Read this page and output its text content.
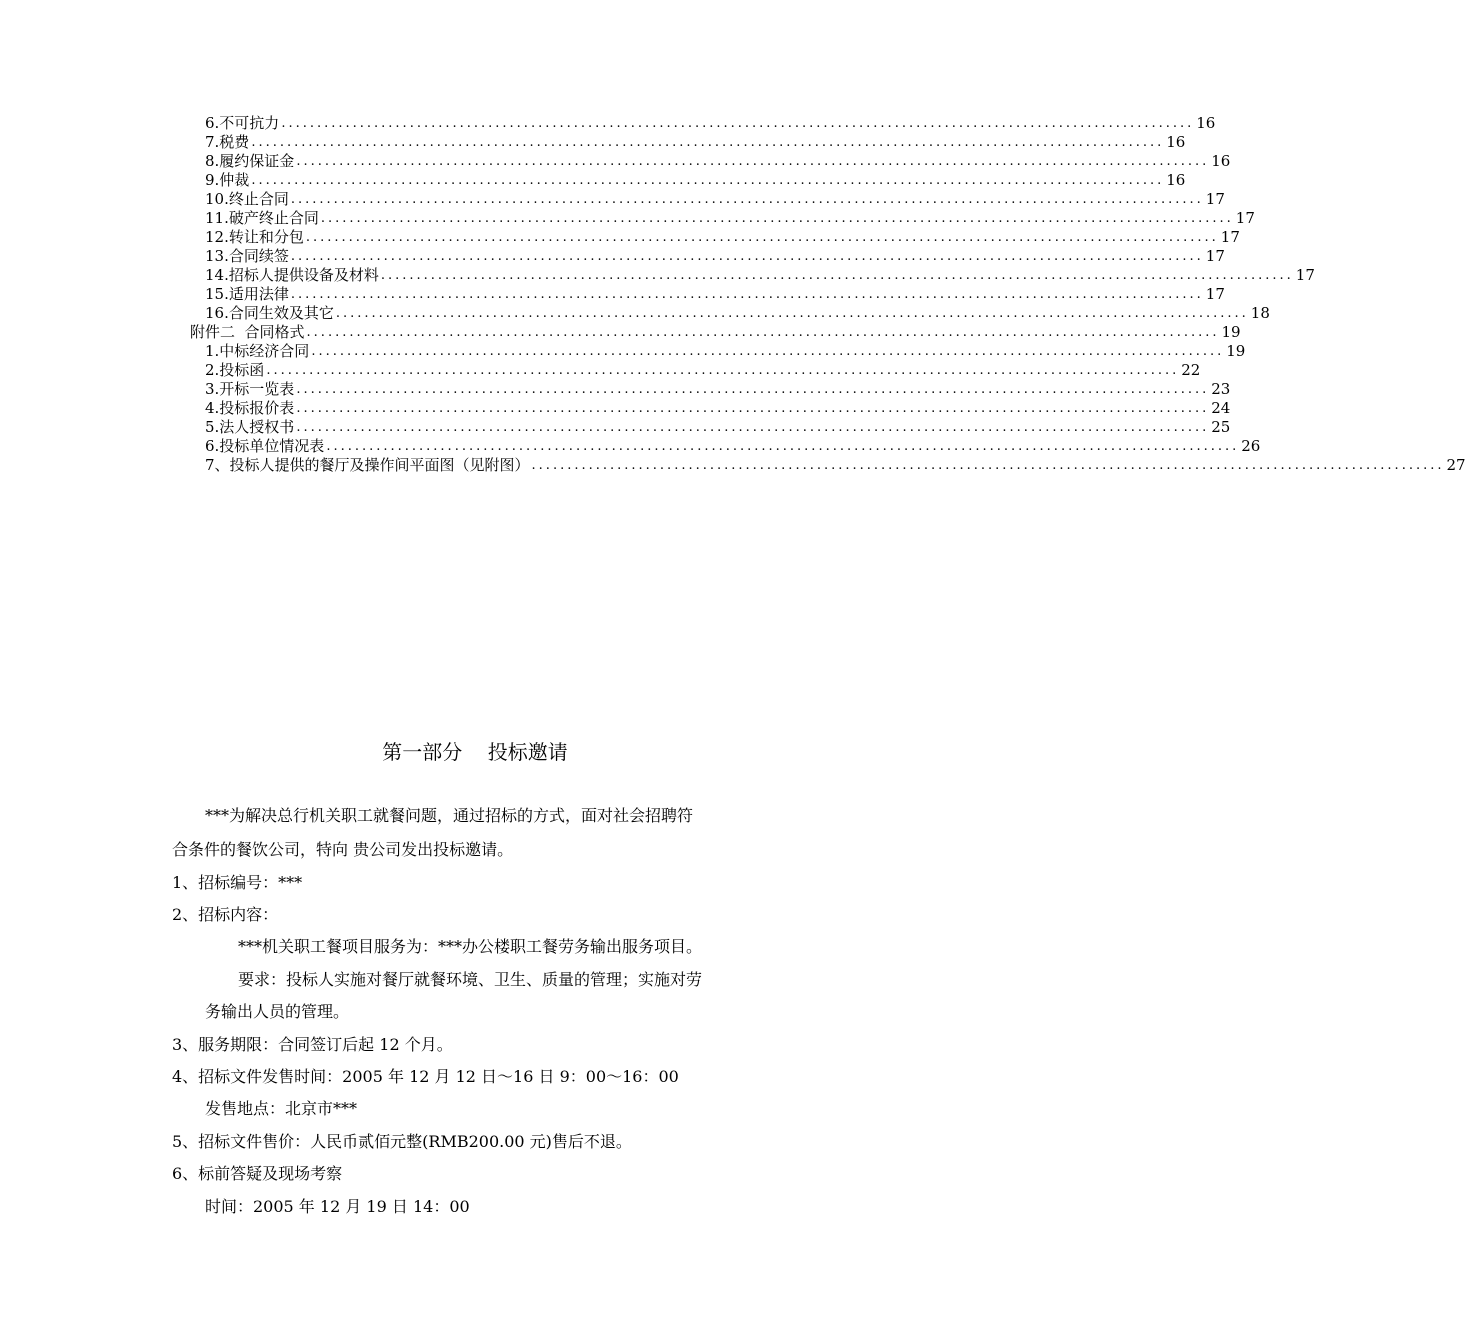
6.不可抗力 ................................................................................................................................ 16
7.税费 ................................................................................................................................ 16
8.履约保证金 ................................................................................................................................ 16
9.仲裁 ................................................................................................................................ 16
10.终止合同 ................................................................................................................................ 17
11.破产终止合同 ................................................................................................................................ 17
12.转让和分包 ................................................................................................................................ 17
13.合同续签 ................................................................................................................................ 17
14.招标人提供设备及材料 ................................................................................................................................ 17
15.适用法律 ................................................................................................................................ 17
16.合同生效及其它 ................................................................................................................................ 18
附件二  合同格式 ................................................................................................................................ 19
1.中标经济合同 ................................................................................................................................ 19
2.投标函 ................................................................................................................................ 22
3.开标一览表 ................................................................................................................................ 23
4.投标报价表 ................................................................................................................................ 24
5.法人授权书 ................................................................................................................................ 25
6.投标单位情况表 ................................................................................................................................ 26
7、投标人提供的餐厅及操作间平面图（见附图） ................................................................................................................................ 27
第一部分    投标邀请
***为解决总行机关职工就餐问题，通过招标的方式，面对社会招聘符
合条件的餐饮公司，特向 贵公司发出投标邀请。
1、招标编号：***
2、招标内容：
***机关职工餐项目服务为：***办公楼职工餐劳务输出服务项目。
要求：投标人实施对餐厅就餐环境、卫生、质量的管理；实施对劳
务输出人员的管理。
3、服务期限：合同签订后起 12 个月。
4、招标文件发售时间：2005 年 12 月 12 日～16 日 9：00～16：00
发售地点：北京市***
5、招标文件售价：人民币贰佰元整(RMB200.00 元)售后不退。
6、标前答疑及现场考察
时间：2005 年 12 月 19 日 14：00
